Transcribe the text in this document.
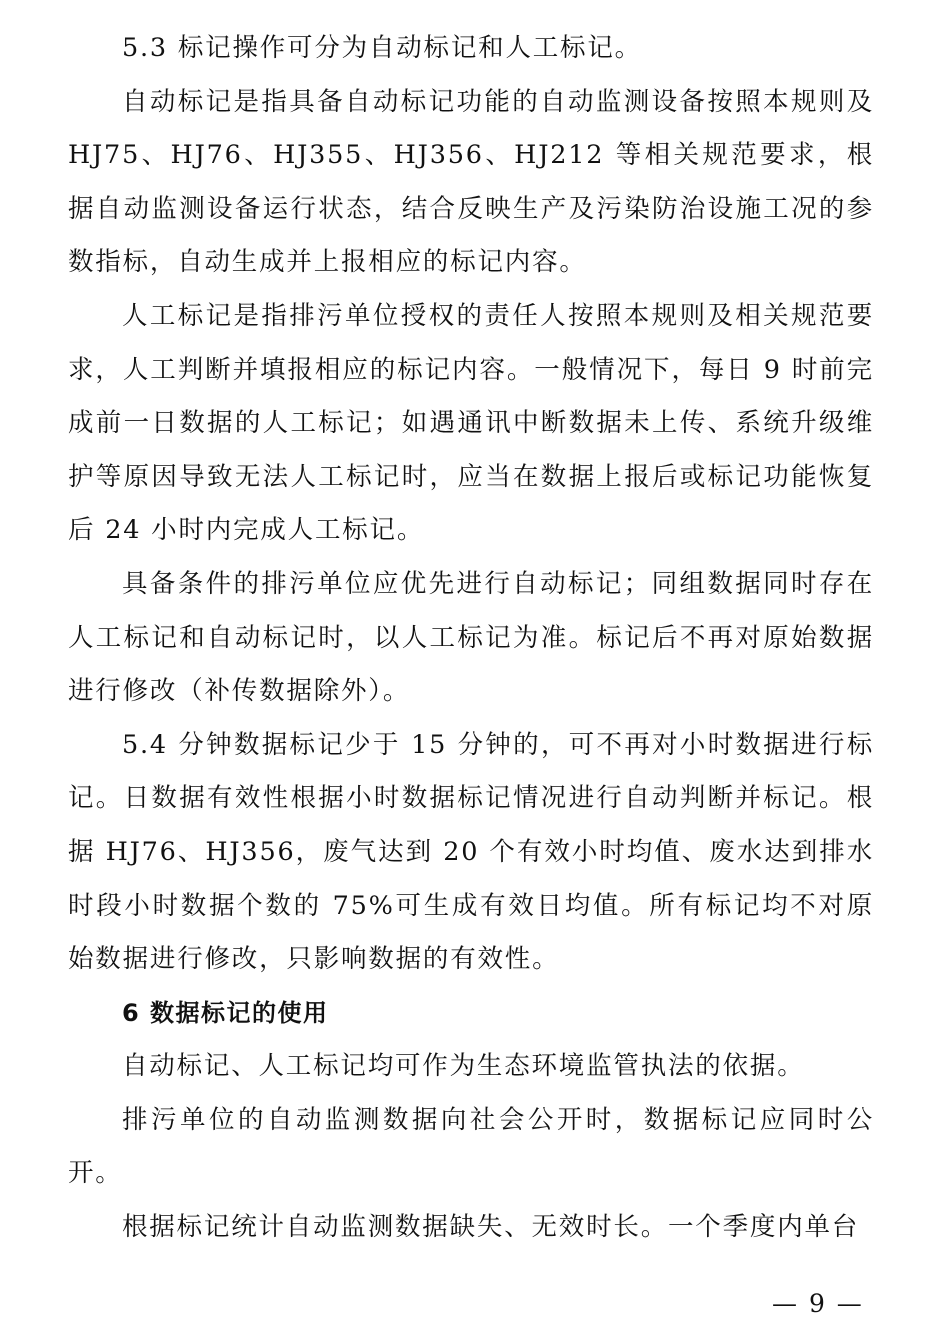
5.3 标记操作可分为自动标记和人工标记。

自动标记是指具备自动标记功能的自动监测设备按照本规则及HJ75、HJ76、HJ355、HJ356、HJ212 等相关规范要求，根据自动监测设备运行状态，结合反映生产及污染防治设施工况的参数指标，自动生成并上报相应的标记内容。

人工标记是指排污单位授权的责任人按照本规则及相关规范要求，人工判断并填报相应的标记内容。一般情况下，每日 9 时前完成前一日数据的人工标记；如遇通讯中断数据未上传、系统升级维护等原因导致无法人工标记时，应当在数据上报后或标记功能恢复后 24 小时内完成人工标记。

具备条件的排污单位应优先进行自动标记；同组数据同时存在人工标记和自动标记时，以人工标记为准。标记后不再对原始数据进行修改（补传数据除外）。

5.4 分钟数据标记少于 15 分钟的，可不再对小时数据进行标记。日数据有效性根据小时数据标记情况进行自动判断并标记。根据 HJ76、HJ356，废气达到 20 个有效小时均值、废水达到排水时段小时数据个数的 75%可生成有效日均值。所有标记均不对原始数据进行修改，只影响数据的有效性。

6 数据标记的使用

自动标记、人工标记均可作为生态环境监管执法的依据。

排污单位的自动监测数据向社会公开时，数据标记应同时公开。

根据标记统计自动监测数据缺失、无效时长。一个季度内单台

— 9 —
